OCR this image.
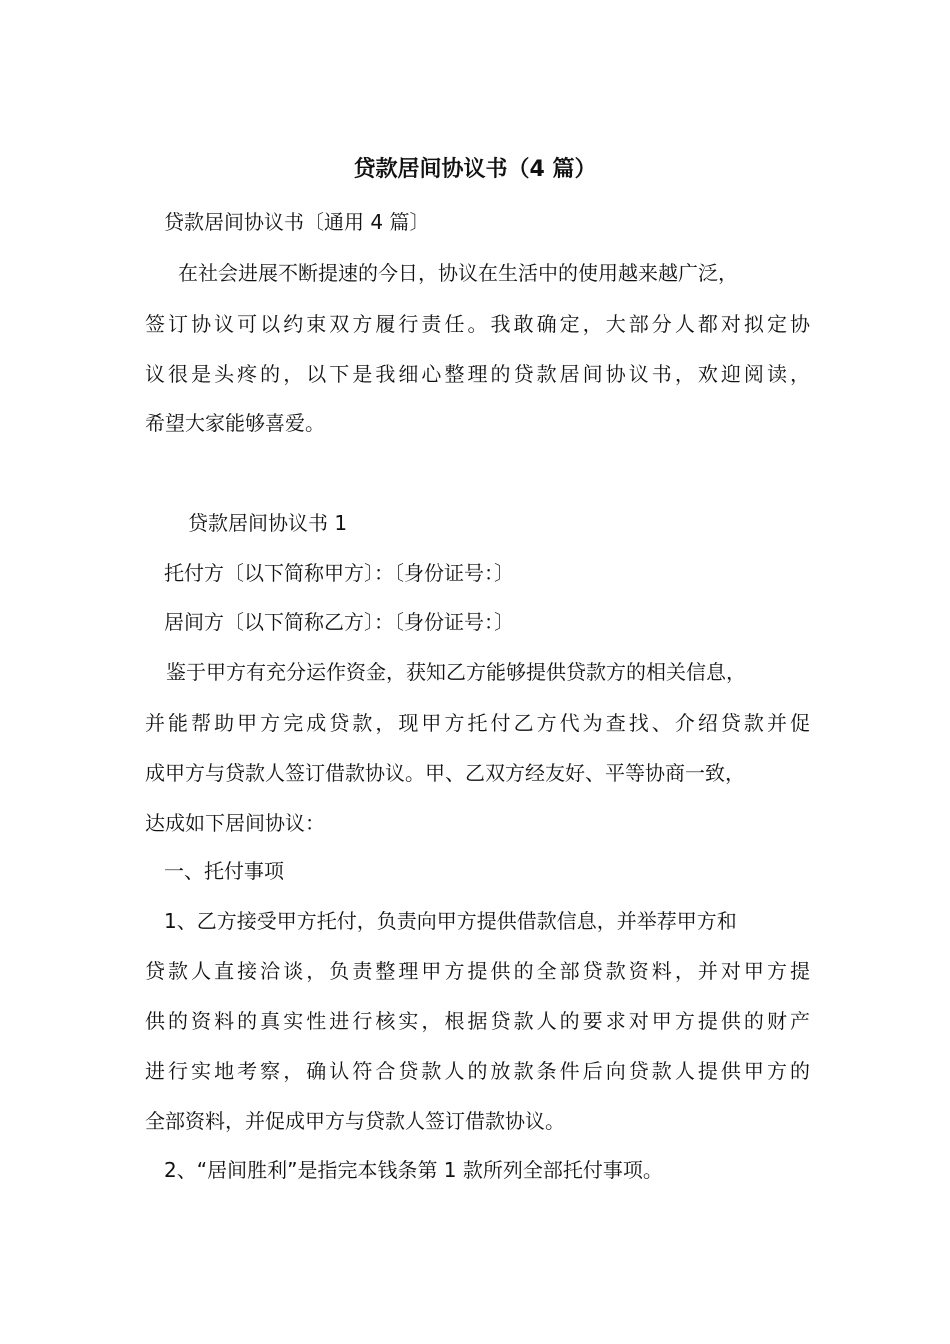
贷款居间协议书（4 篇）
贷款居间协议书〔通用 4 篇〕
在社会进展不断提速的今日，协议在生活中的使用越来越广泛，
签订协议可以约束双方履行责任。我敢确定，大部分人都对拟定协
议很是头疼的，以下是我细心整理的贷款居间协议书，欢迎阅读，
希望大家能够喜爱。
贷款居间协议书 1
托付方〔以下简称甲方〕：〔身份证号：〕
居间方〔以下简称乙方〕：〔身份证号：〕
鉴于甲方有充分运作资金，获知乙方能够提供贷款方的相关信息，
并能帮助甲方完成贷款，现甲方托付乙方代为查找、介绍贷款并促
成甲方与贷款人签订借款协议。甲、乙双方经友好、平等协商一致，
达成如下居间协议：
一、托付事项
1、乙方接受甲方托付，负责向甲方提供借款信息，并举荐甲方和
贷款人直接洽谈，负责整理甲方提供的全部贷款资料，并对甲方提
供的资料的真实性进行核实，根据贷款人的要求对甲方提供的财产
进行实地考察，确认符合贷款人的放款条件后向贷款人提供甲方的
全部资料，并促成甲方与贷款人签订借款协议。
2、“居间胜利”是指完本钱条第 1 款所列全部托付事项。
